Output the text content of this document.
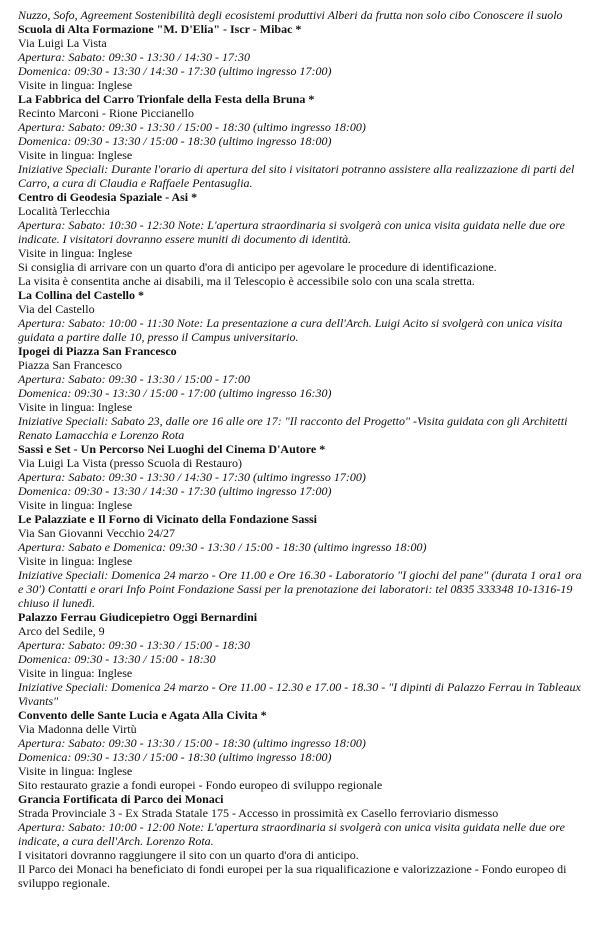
Nuzzo, Sofo, Agreement Sostenibilità degli ecosistemi produttivi Alberi da frutta non solo cibo Conoscere il suolo
Scuola di Alta Formazione "M. D'Elia" - Iscr - Mibac *
Via Luigi La Vista
Apertura: Sabato: 09:30 - 13:30 / 14:30 - 17:30
Domenica: 09:30 - 13:30 / 14:30 - 17:30 (ultimo ingresso 17:00)
Visite in lingua: Inglese
La Fabbrica del Carro Trionfale della Festa della Bruna *
Recinto Marconi - Rione Piccianello
Apertura: Sabato: 09:30 - 13:30 / 15:00 - 18:30 (ultimo ingresso 18:00)
Domenica: 09:30 - 13:30 / 15:00 - 18:30 (ultimo ingresso 18:00)
Visite in lingua: Inglese
Iniziative Speciali: Durante l'orario di apertura del sito i visitatori potranno assistere alla realizzazione di parti del Carro, a cura di Claudia e Raffaele Pentasuglia.
Centro di Geodesia Spaziale - Asi *
Località Terlecchia
Apertura: Sabato: 10:30 - 12:30 Note: L'apertura straordinaria si svolgerà con unica visita guidata nelle due ore indicate. I visitatori dovranno essere muniti di documento di identità.
Visite in lingua: Inglese
Si consiglia di arrivare con un quarto d'ora di anticipo per agevolare le procedure di identificazione.
La visita è consentita anche ai disabili, ma il Telescopio è accessibile solo con una scala stretta.
La Collina del Castello *
Via del Castello
Apertura: Sabato: 10:00 - 11:30 Note: La presentazione a cura dell'Arch. Luigi Acito si svolgerà con unica visita guidata a partire dalle 10, presso il Campus universitario.
Ipogei di Piazza San Francesco
Piazza San Francesco
Apertura: Sabato: 09:30 - 13:30 / 15:00 - 17:00
Domenica: 09:30 - 13:30 / 15:00 - 17:00 (ultimo ingresso 16:30)
Visite in lingua: Inglese
Iniziative Speciali: Sabato 23, dalle ore 16 alle ore 17: "Il racconto del Progetto" -Visita guidata con gli Architetti Renato Lamacchia e Lorenzo Rota
Sassi e Set - Un Percorso Nei Luoghi del Cinema D'Autore *
Via Luigi La Vista (presso Scuola di Restauro)
Apertura: Sabato: 09:30 - 13:30 / 14:30 - 17:30 (ultimo ingresso 17:00)
Domenica: 09:30 - 13:30 / 14:30 - 17:30 (ultimo ingresso 17:00)
Visite in lingua: Inglese
Le Palazziate e Il Forno di Vicinato della Fondazione Sassi
Via San Giovanni Vecchio 24/27
Apertura: Sabato e Domenica: 09:30 - 13:30 / 15:00 - 18:30 (ultimo ingresso 18:00)
Visite in lingua: Inglese
Iniziative Speciali: Domenica 24 marzo - Ore 11.00 e Ore 16.30 - Laboratorio "I giochi del pane" (durata 1 ora1 ora e 30') Contatti e orari Info Point Fondazione Sassi per la prenotazione dei laboratori: tel 0835 333348 10-1316-19 chiuso il lunedì.
Palazzo Ferrau Giudicepietro Oggi Bernardini
Arco del Sedile, 9
Apertura: Sabato: 09:30 - 13:30 / 15:00 - 18:30
Domenica: 09:30 - 13:30 / 15:00 - 18:30
Visite in lingua: Inglese
Iniziative Speciali: Domenica 24 marzo - Ore 11.00 - 12.30 e 17.00 - 18.30 - "I dipinti di Palazzo Ferrau in Tableaux Vivants"
Convento delle Sante Lucia e Agata Alla Civita *
Via Madonna delle Virtù
Apertura: Sabato: 09:30 - 13:30 / 15:00 - 18:30 (ultimo ingresso 18:00)
Domenica: 09:30 - 13:30 / 15:00 - 18:30 (ultimo ingresso 18:00)
Visite in lingua: Inglese
Sito restaurato grazie a fondi europei - Fondo europeo di sviluppo regionale
Grancia Fortificata di Parco dei Monaci
Strada Provinciale 3 - Ex Strada Statale 175 - Accesso in prossimità ex Casello ferroviario dismesso
Apertura: Sabato: 10:00 - 12:00 Note: L'apertura straordinaria si svolgerà con unica visita guidata nelle due ore indicate, a cura dell'Arch. Lorenzo Rota.
I visitatori dovranno raggiungere il sito con un quarto d'ora di anticipo.
Il Parco dei Monaci ha beneficiato di fondi europei per la sua riqualificazione e valorizzazione - Fondo europeo di sviluppo regionale.
